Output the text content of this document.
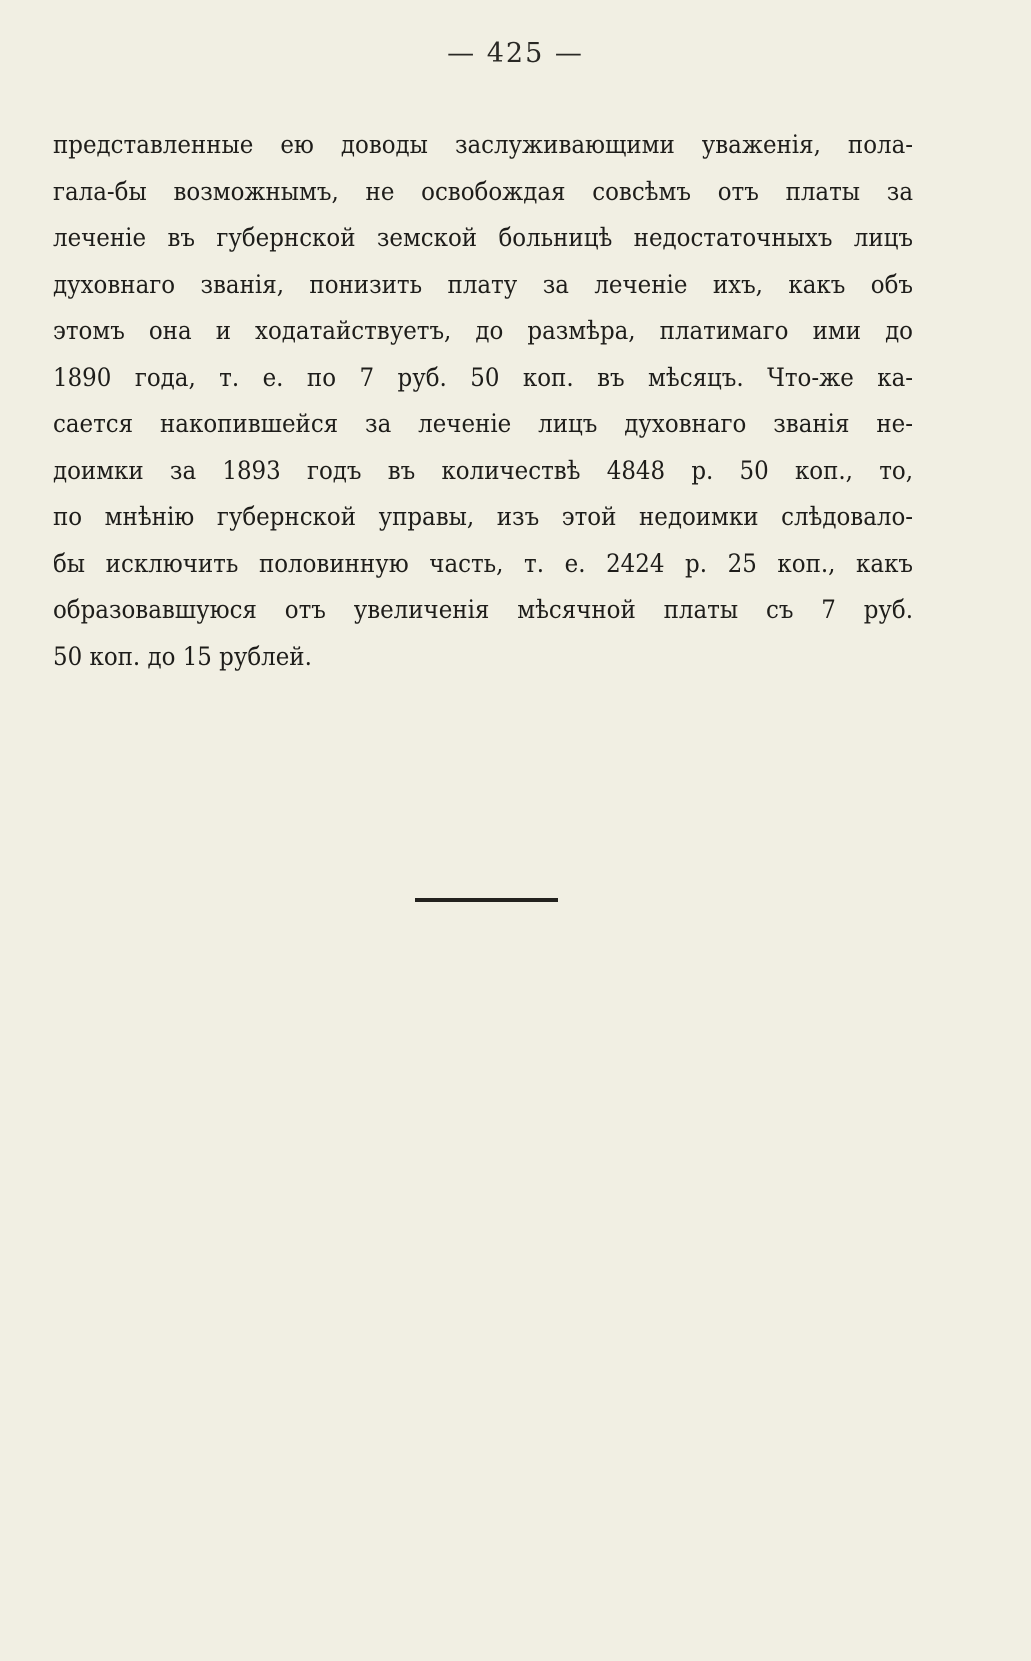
— 425 —
представленные ею доводы заслуживающими уваженія, пола-
гала-бы возможнымъ, не освобождая совсѣмъ отъ платы за
леченіе въ губернской земской больницѣ недостаточныхъ лицъ
духовнаго званія, понизить плату за леченіе ихъ, какъ объ
этомъ она и ходатайствуетъ, до размѣра, платимаго ими до
1890 года, т. е. по 7 руб. 50 коп. въ мѣсяцъ. Что-же ка-
сается накопившейся за леченіе лицъ духовнаго званія не-
доимки за 1893 годъ въ количествѣ 4848 р. 50 коп., то,
по мнѣнію губернской управы, изъ этой недоимки слѣдовало-
бы исключить половинную часть, т. е. 2424 р. 25 коп., какъ
образовавшуюся отъ увеличенія мѣсячной платы съ 7 руб.
50 коп. до 15 рублей.
